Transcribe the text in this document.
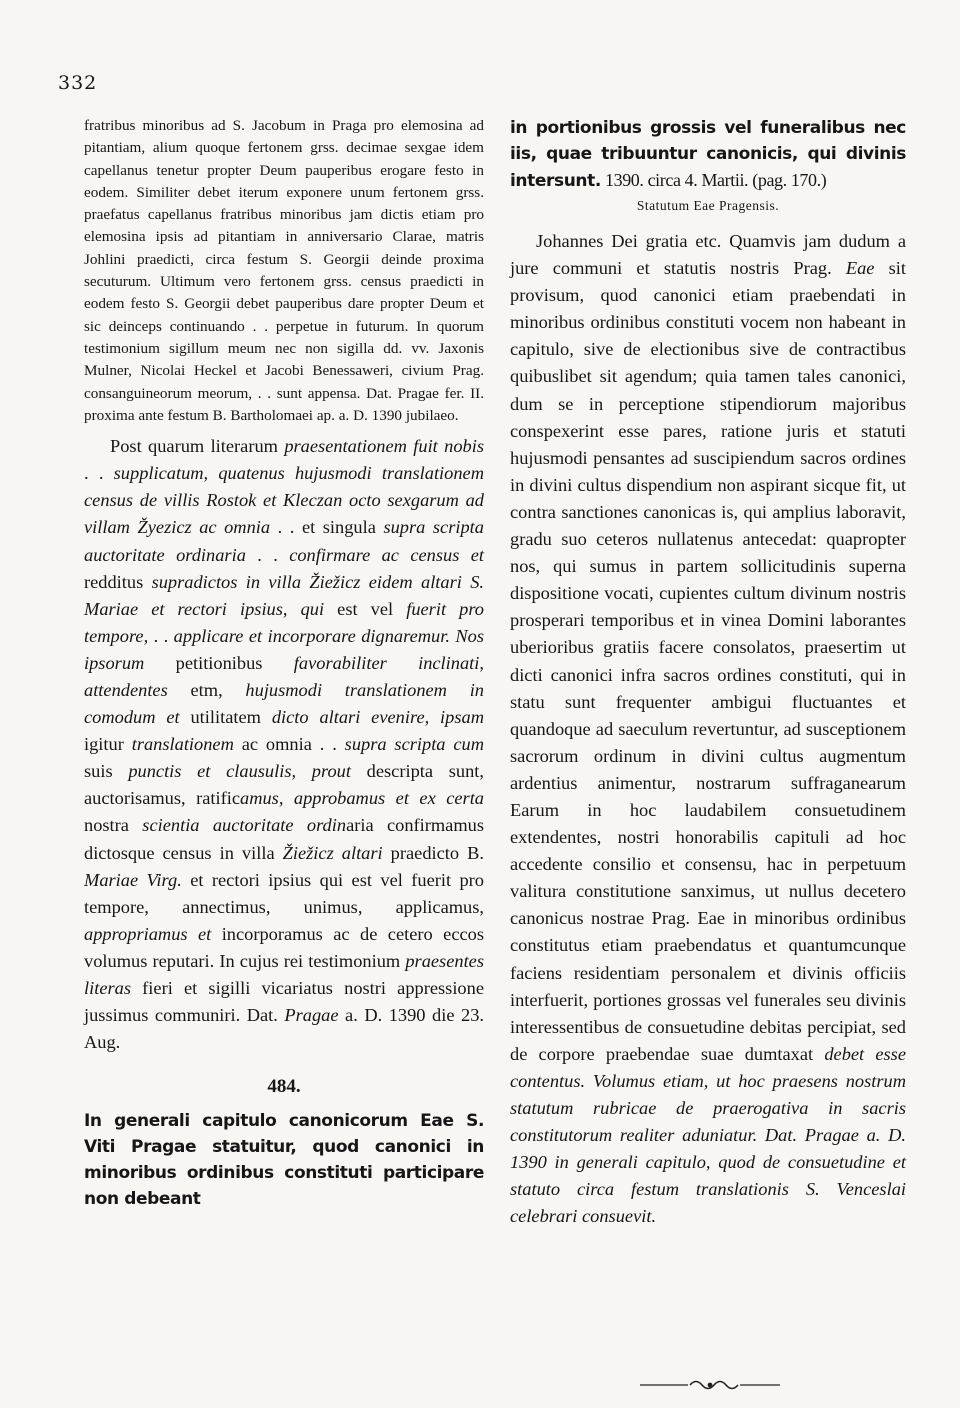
332

fratribus minoribus ad S. Jacobum in Praga pro elemosina ad pitantiam, alium quoque fertonem grss. decimae sexgae idem capellanus tenetur propter Deum pauperibus erogare festo in eodem. Similiter debet iterum exponere unum fertonem grss. praefatus capellanus fratribus minoribus jam dictis etiam pro elemosina ipsis ad pitantiam in anniversario Clarae, matris Johlini praedicti, circa festum S. Georgii deinde proxima secuturum. Ultimum vero fertonem grss. census praedicti in eodem festo S. Georgii debet pauperibus dare propter Deum et sic deinceps continuando . . perpetue in futurum. In quorum testimonium sigillum meum nec non sigilla dd. vv. Jaxonis Mulner, Nicolai Heckel et Jacobi Benessaweri, civium Prag. consanguineorum meorum, . . sunt appensa. Dat. Pragae fer. II. proxima ante festum B. Bartholomaei ap. a. D. 1390 jubilaeo.

Post quarum literarum praesentationem fuit nobis . . supplicatum, quatenus hujusmodi translationem census de villis Rostok et Kleczan octo sexgarum ad villam Žyezicz ac omnia . . et singula supra scripta auctoritate ordinaria . . confirmare ac census et redditus supradictos in villa Žiežicz eidem altari S. Mariae et rectori ipsius, qui est vel fuerit pro tempore, . . applicare et incorporare dignaremur. Nos ipsorum petitionibus favorabiliter inclinati, attendentes etm, hujusmodi translationem in comodum et utilitatem dicto altari evenire, ipsam igitur translationem ac omnia . . supra scripta cum suis punctis et clausulis, prout descripta sunt, auctorisamus, ratificamus, approbamus et ex certa nostra scientia auctoritate ordinaria confirmamus dictosque census in villa Žiežicz altari praedicto B. Mariae Virg. et rectori ipsius qui est vel fuerit pro tempore, annectimus, unimus, applicamus, appropriamus et incorporamus ac de cetero eccos volumus reputari. In cujus rei testimonium praesentes literas fieri et sigilli vicariatus nostri appressione jussimus communiri. Dat. Pragae a. D. 1390 die 23. Aug.

484.

In generali capitulo canonicorum Eae S. Viti Pragae statuitur, quod canonici in minoribus ordinibus constituti participare non debeant

in portionibus grossis vel funeralibus nec iis, quae tribuuntur canonicis, qui divinis intersunt. 1390. circa 4. Martii. (pag. 170.)

Statutum Eae Pragensis.

Johannes Dei gratia etc. Quamvis jam dudum a jure communi et statutis nostris Prag. Eae sit provisum, quod canonici etiam praebendati in minoribus ordinibus constituti vocem non habeant in capitulo, sive de electionibus sive de contractibus quibuslibet sit agendum; quia tamen tales canonici, dum se in perceptione stipendiorum majoribus conspexerint esse pares, ratione juris et statuti hujusmodi pensantes ad suscipiendum sacros ordines in divini cultus dispendium non aspirant sicque fit, ut contra sanctiones canonicas is, qui amplius laboravit, gradu suo ceteros nullatenus antecedat: quapropter nos, qui sumus in partem sollicitudinis superna dispositione vocati, cupientes cultum divinum nostris prosperari temporibus et in vinea Domini laborantes uberioribus gratiis facere consolatos, praesertim ut dicti canonici infra sacros ordines constituti, qui in statu sunt frequenter ambigui fluctuantes et quandoque ad saeculum revertuntur, ad susceptionem sacrorum ordinum in divini cultus augmentum ardentius animentur, nostrarum suffraganearum Earum in hoc laudabilem consuetudinem extendentes, nostri honorabilis capituli ad hoc accedente consilio et consensu, hac in perpetuum valitura constitutione sanximus, ut nullus decetero canonicus nostrae Prag. Eae in minoribus ordinibus constitutus etiam praebendatus et quantumcunque faciens residentiam personalem et divinis officiis interfuerit, portiones grossas vel funerales seu divinis interessentibus de consuetudine debitas percipiat, sed de corpore praebendae suae dumtaxat debet esse contentus. Volumus etiam, ut hoc praesens nostrum statutum rubricae de praerogativa in sacris constitutorum realiter aduniatur. Dat. Pragae a. D. 1390 in generali capitulo, quod de consuetudine et statuto circa festum translationis S. Venceslai celebrari consuevit.
